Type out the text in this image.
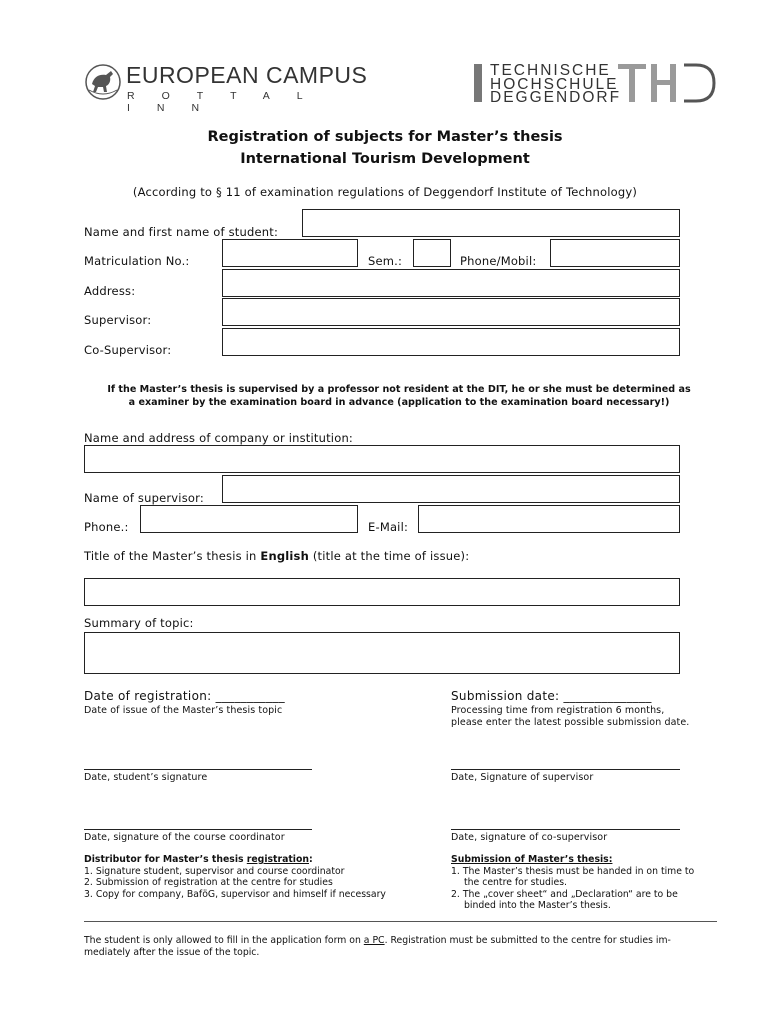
EUROPEAN CAMPUS
ROTTAL INN
TECHNISCHE
HOCHSCHULE
DEGGENDORF
Registration of subjects for Master’s thesis
International Tourism Development
(According to § 11 of examination regulations of Deggendorf Institute of Technology)
Name and first name of student:
Matriculation No.:	Sem.:	Phone/Mobil:
Address:
Supervisor:
Co-Supervisor:
If the Master’s thesis is supervised by a professor not resident at the DIT, he or she must be determined as
a examiner by the examination board in advance (application to the examination board necessary!)
Name and address of company or institution:
Name of supervisor:
Phone.:	E-Mail:
Title of the Master’s thesis in English (title at the time of issue):
Summary of topic:
Date of registration: ___________
Date of issue of the Master’s thesis topic
Submission date: ______________
Processing time from registration 6 months,
please enter the latest possible submission date.
Date, student’s signature	Date, Signature of supervisor
Date, signature of the course coordinator	Date, signature of co-supervisor
Distributor for Master’s thesis registration:
1. Signature student, supervisor and course coordinator
2. Submission of registration at the centre for studies
3. Copy for company, BaföG, supervisor and himself if necessary
Submission of Master’s thesis:
1. The Master’s thesis must be handed in on time to
the centre for studies.
2. The „cover sheet“ and „Declaration“ are to be
binded into the Master’s thesis.
The student is only allowed to fill in the application form on a PC. Registration must be submitted to the centre for studies im-
mediately after the issue of the topic.
